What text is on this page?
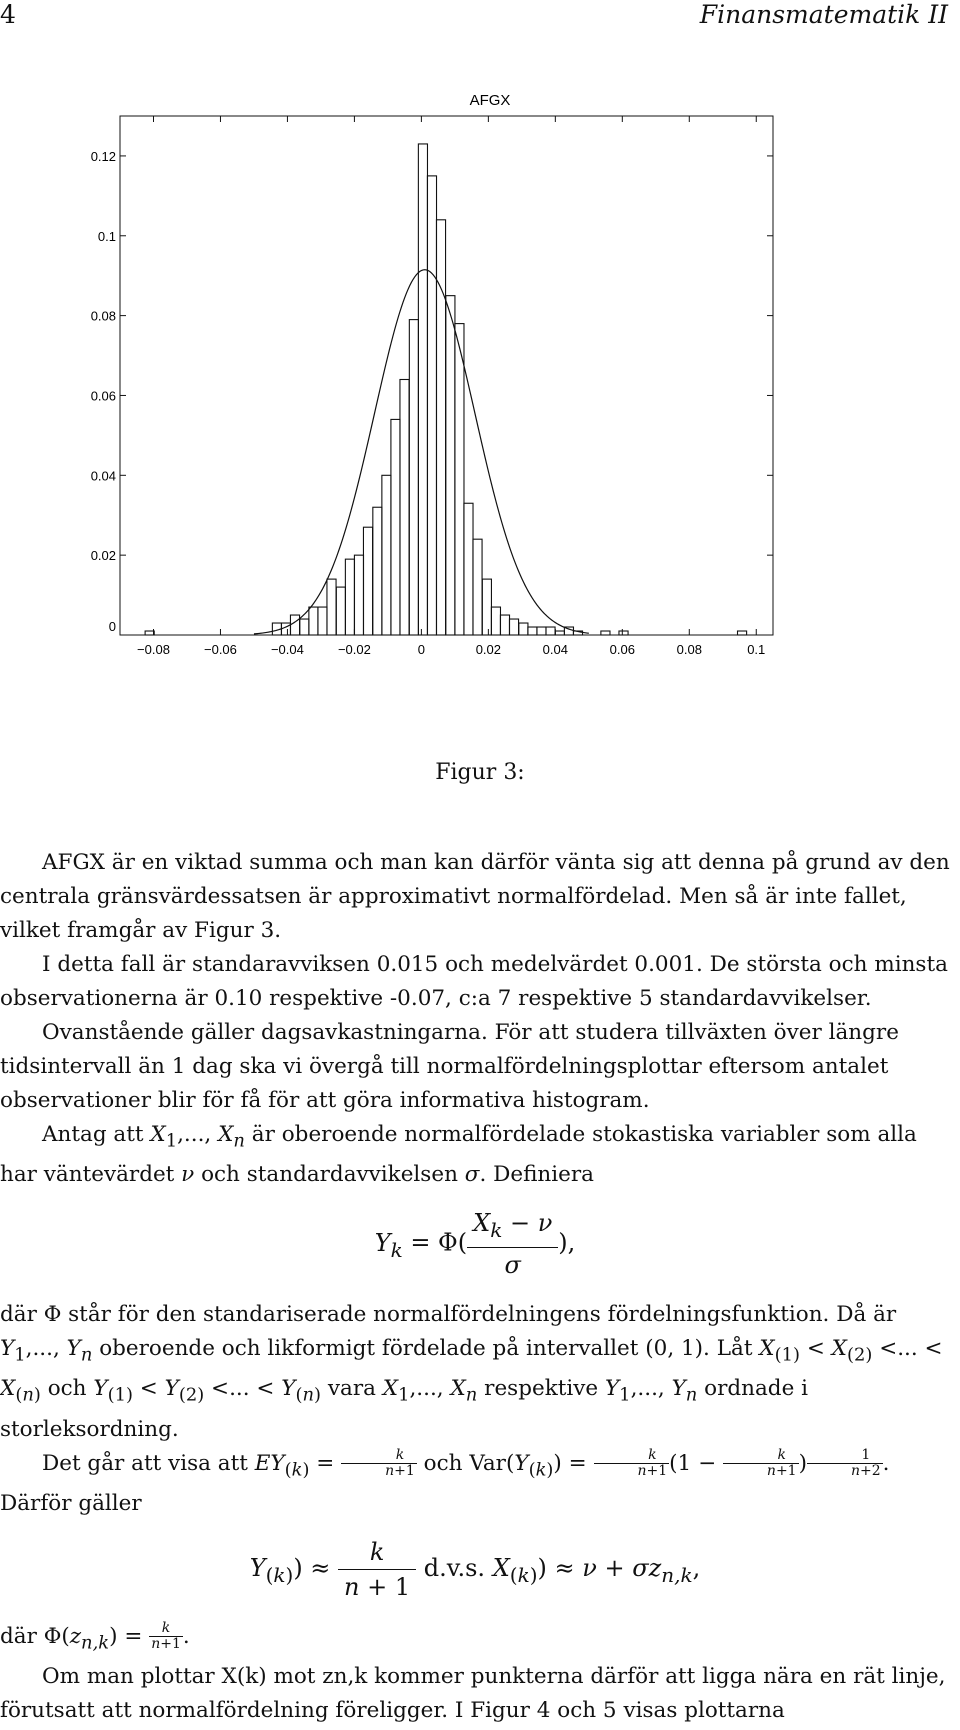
4	Finansmatematik II
AFGX
0
0.02
0.04
0.06
0.08
0.1
0.12
−0.08	−0.06	−0.04	−0.02	0	0.02	0.04	0.06	0.08	0.1
Figur 3:

AFGX är en viktad summa och man kan därför vänta sig att denna på grund av den centrala gränsvärdessatsen är approximativt normalfördelad. Men så är inte fallet, vilket framgår av Figur 3.

I detta fall är standaravviksen 0.015 och medelvärdet 0.001. De största och minsta observationerna är 0.10 respektive -0.07, c:a 7 respektive 5 standardavvikelser.

Ovanstående gäller dagsavkastningarna. För att studera tillväxten över längre tidsintervall än 1 dag ska vi övergå till normalfördelningsplottar eftersom antalet observationer blir för få för att göra informativa histogram.

Antag att $X_1$,..., $X_n$ är oberoende normalfördelade stokastiska variabler som alla har väntevärdet ν och standardavvikelsen σ. Definiera

$Y_k = \Phi( \frac{X_k - \nu}{\sigma}$ ),

där Φ står för den standariserade normalfördelningens fördelningsfunktion. Då är $Y_1$,..., $Y_n$ oberoende och likformigt fördelade på intervallet (0, 1). Låt $X_{(1)} < X_{(2)}$ <... < $X_{(n)}$ och $Y_{(1)} < Y_{(2)}$ <... < $Y_{(n)}$ vara $X_1$,..., $X_n$ respektive $Y_1$,..., $Y_n$ ordnade i storleksordning.

Det går att visa att $EY_{(k)} = \frac{k}{n+1}$ och $Var(Y_{(k)}) = \frac{k}{n+1} (1 - \frac{k}{n+1}$ ) $\frac{1}{n+2}$ . Därför gäller

$Y_{(k)}) \approx \frac{k}{n + 1} d.v.s$. $X_{(k)}) \approx \nu + \sigma z_{n,k}$,

där $\Phi(z_{n,k}) = \frac{k}{n+1}$ .

Om man plottar X(k) mot zn,k kommer punkterna därför att ligga nära en rät linje, förutsatt att normalfördelning föreligger. I Figur 4 och 5 visas plottarna
